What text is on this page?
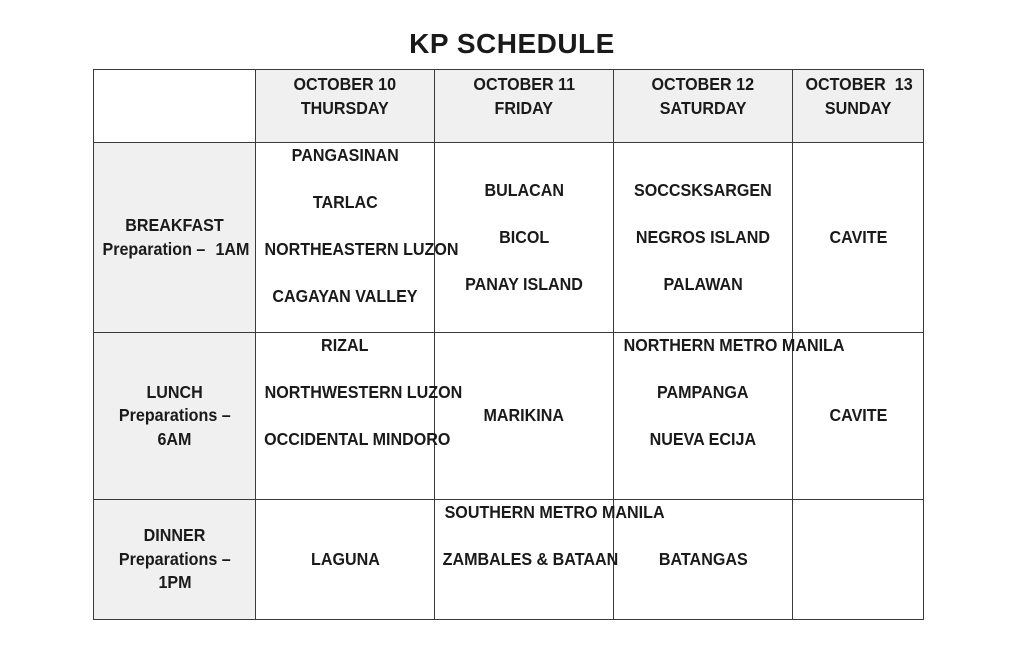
KP SCHEDULE
	OCTOBER 10 THURSDAY	OCTOBER 11 FRIDAY	OCTOBER 12 SATURDAY	OCTOBER 13 SUNDAY
BREAKFAST Preparation – 1AM	PANGASINAN
TARLAC
NORTHEASTERN LUZON
CAGAYAN VALLEY	BULACAN
BICOL
PANAY ISLAND	SOCCSKSARGEN
NEGROS ISLAND
PALAWAN	CAVITE
LUNCH Preparations – 6AM	RIZAL
NORTHWESTERN LUZON
OCCIDENTAL MINDORO	MARIKINA	NORTHERN METRO MANILA
PAMPANGA
NUEVA ECIJA	CAVITE
DINNER Preparations – 1PM	LAGUNA	SOUTHERN METRO MANILA
ZAMBALES & BATAAN	BATANGAS	
